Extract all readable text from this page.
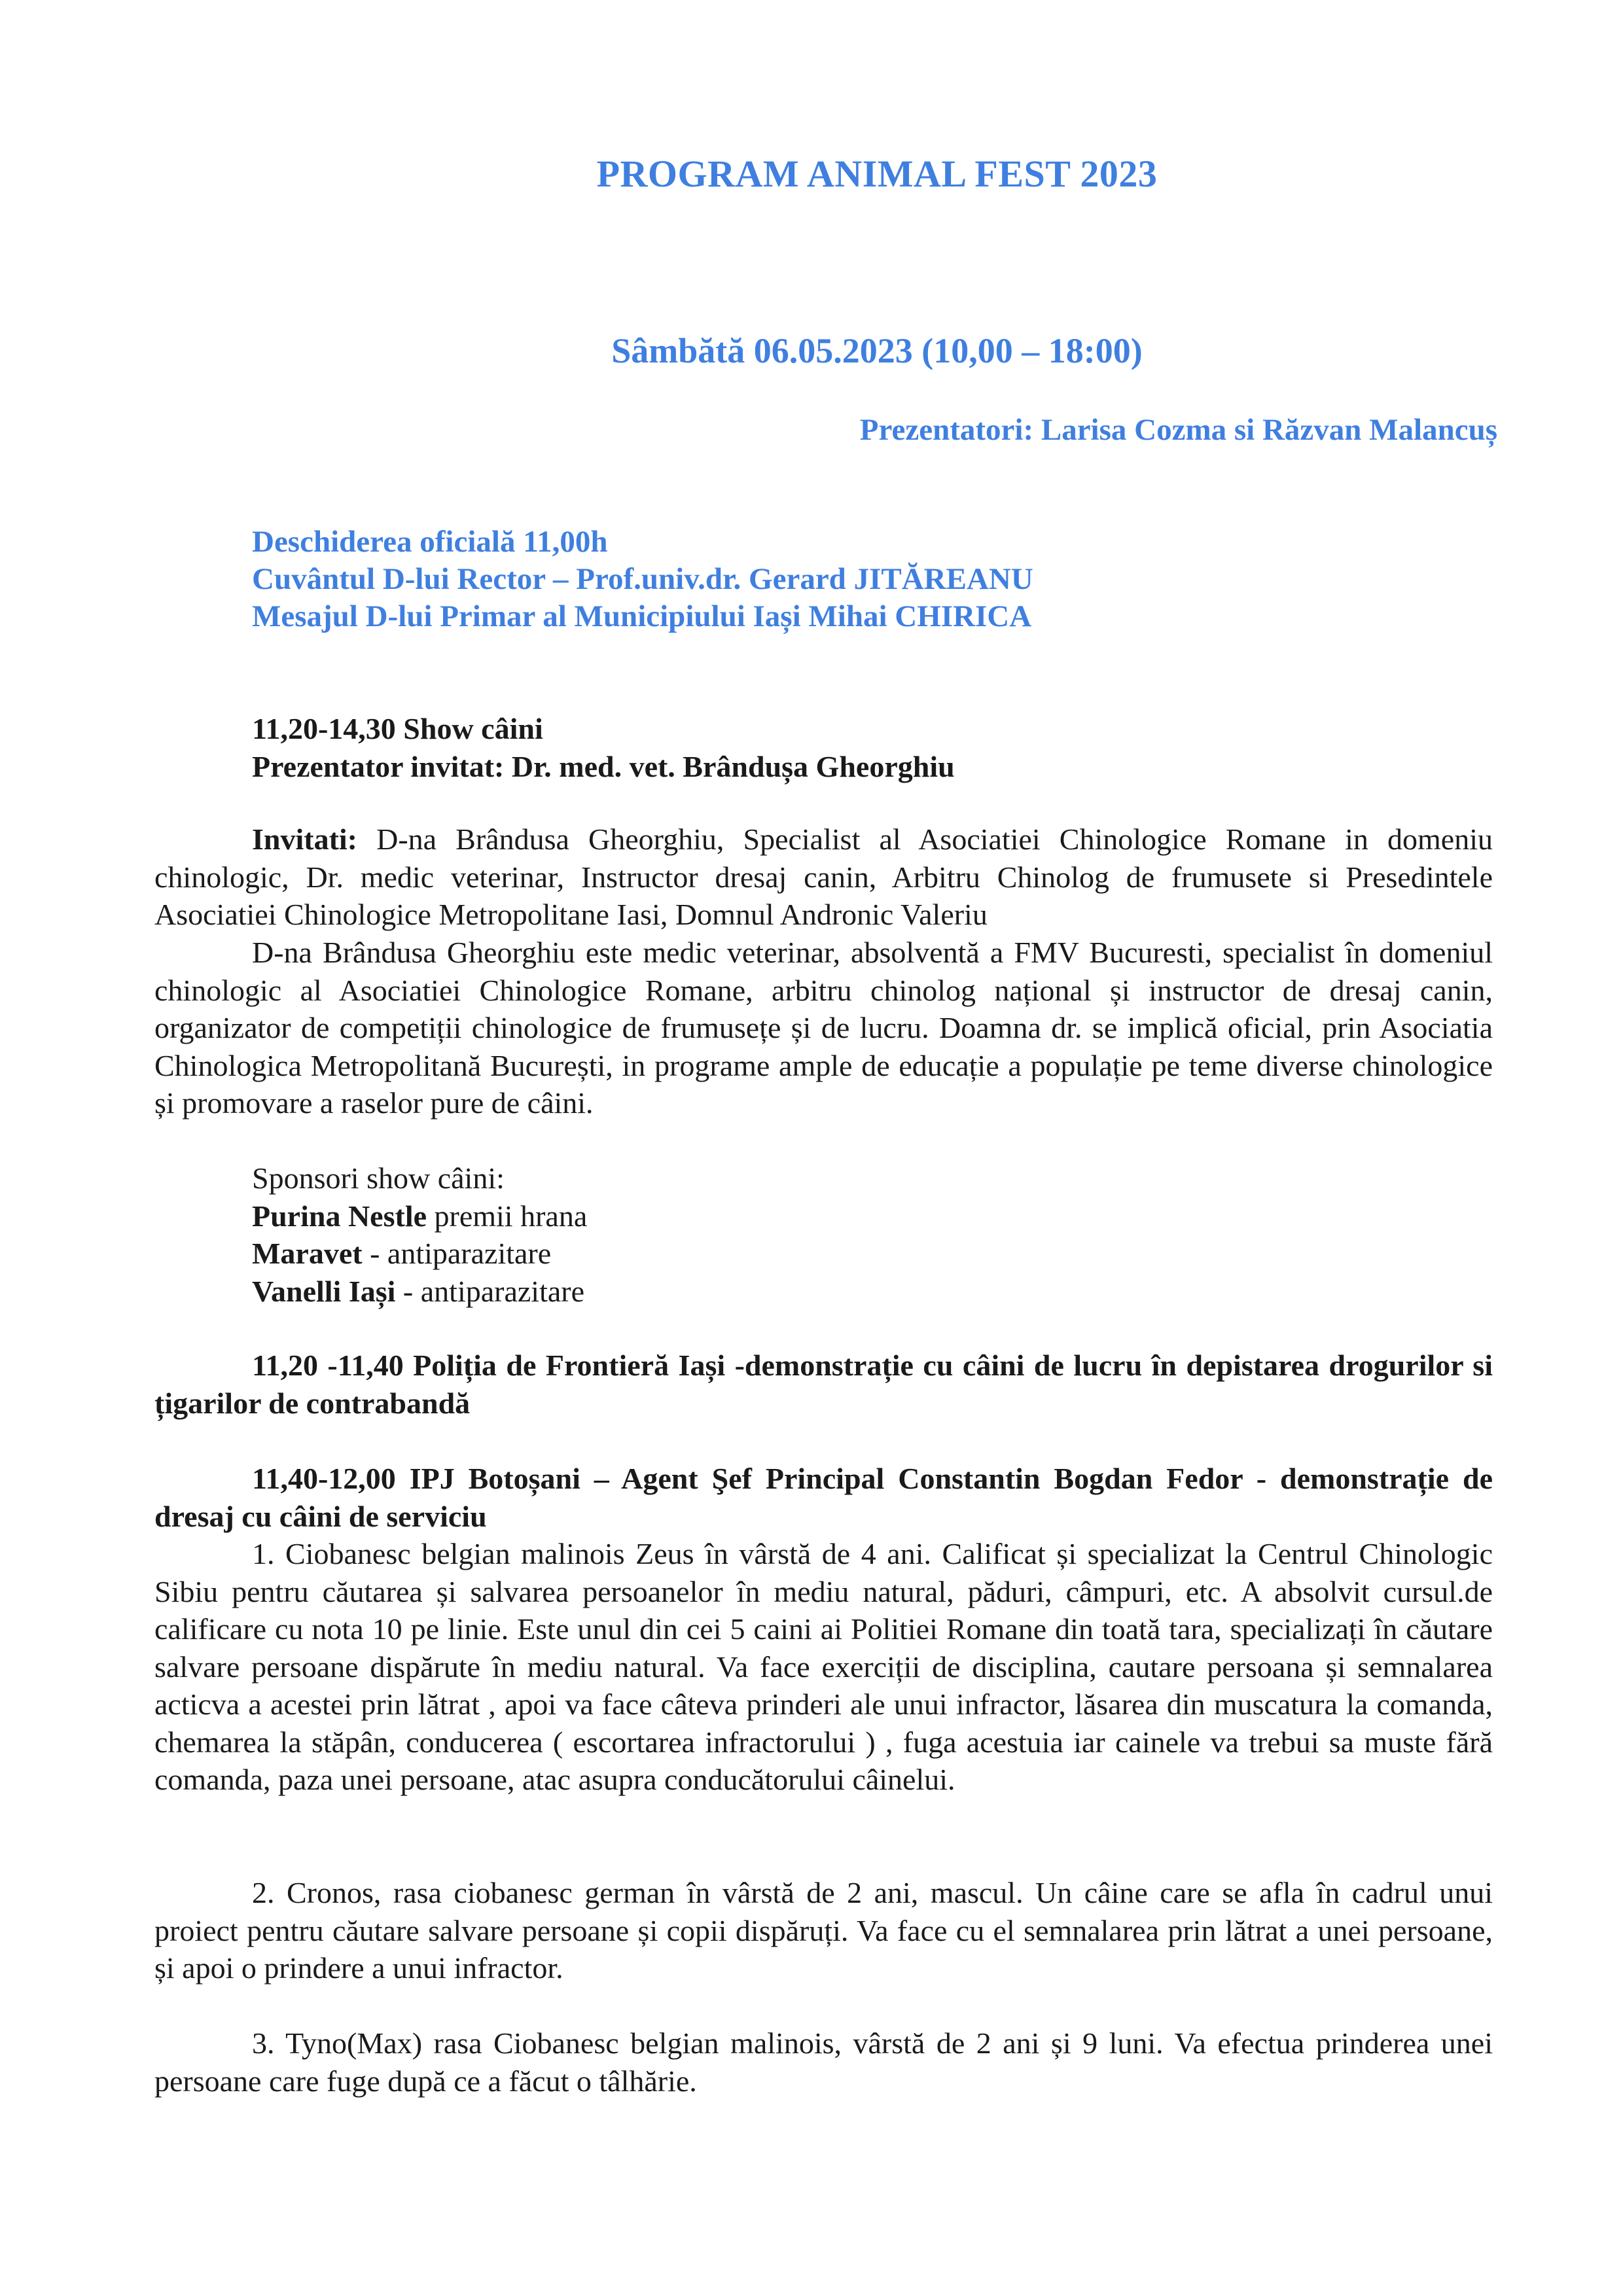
PROGRAM ANIMAL FEST 2023
Sâmbătă 06.05.2023 (10,00 – 18:00)
Prezentatori: Larisa Cozma si Răzvan Malancuș
Deschiderea oficială 11,00h
Cuvântul D-lui Rector – Prof.univ.dr. Gerard JITĂREANU
Mesajul D-lui Primar al Municipiului Iași Mihai CHIRICA
11,20-14,30 Show câini
Prezentator invitat: Dr. med. vet. Brândușa Gheorghiu
Invitati: D-na Brândusa Gheorghiu, Specialist al Asociatiei Chinologice Romane in domeniu chinologic, Dr. medic veterinar, Instructor dresaj canin, Arbitru Chinolog de frumusete si Presedintele Asociatiei Chinologice Metropolitane Iasi, Domnul Andronic Valeriu
D-na Brândusa Gheorghiu este medic veterinar, absolventă a FMV Bucuresti, specialist în domeniul chinologic al Asociatiei Chinologice Romane, arbitru chinolog național și instructor de dresaj canin, organizator de competiții chinologice de frumusețe și de lucru. Doamna dr. se implică oficial, prin Asociatia Chinologica Metropolitană București, in programe ample de educație a populație pe teme diverse chinologice și promovare a raselor pure de câini.
Sponsori show câini:
Purina Nestle premii hrana
Maravet - antiparazitare
Vanelli Iași - antiparazitare
11,20 -11,40 Poliția de Frontieră Iași -demonstrație cu câini de lucru în depistarea drogurilor si țigarilor de contrabandă
11,40-12,00 IPJ Botoșani – Agent Şef Principal Constantin Bogdan Fedor - demonstrație de dresaj cu câini de serviciu
1. Ciobanesc belgian malinois Zeus în vârstă de 4 ani. Calificat și specializat la Centrul Chinologic Sibiu pentru căutarea și salvarea persoanelor în mediu natural, păduri, câmpuri, etc. A absolvit cursul.de calificare cu nota 10 pe linie. Este unul din cei 5 caini ai Politiei Romane din toată tara, specializați în căutare salvare persoane dispărute în mediu natural. Va face exerciții de disciplina, cautare persoana și semnalarea acticva a acestei prin lătrat , apoi va face câteva prinderi ale unui infractor, lăsarea din muscatura la comanda, chemarea la stăpân, conducerea ( escortarea infractorului ) , fuga acestuia iar cainele va trebui sa muste fără comanda, paza unei persoane, atac asupra conducătorului câinelui.
2. Cronos, rasa ciobanesc german în vârstă de 2 ani, mascul. Un câine care se afla în cadrul unui proiect pentru căutare salvare persoane și copii dispăruți. Va face cu el semnalarea prin lătrat a unei persoane, și apoi o prindere a unui infractor.
3. Tyno(Max) rasa Ciobanesc belgian malinois, vârstă de 2 ani și 9 luni. Va efectua prinderea unei persoane care fuge după ce a făcut o tâlhărie.
